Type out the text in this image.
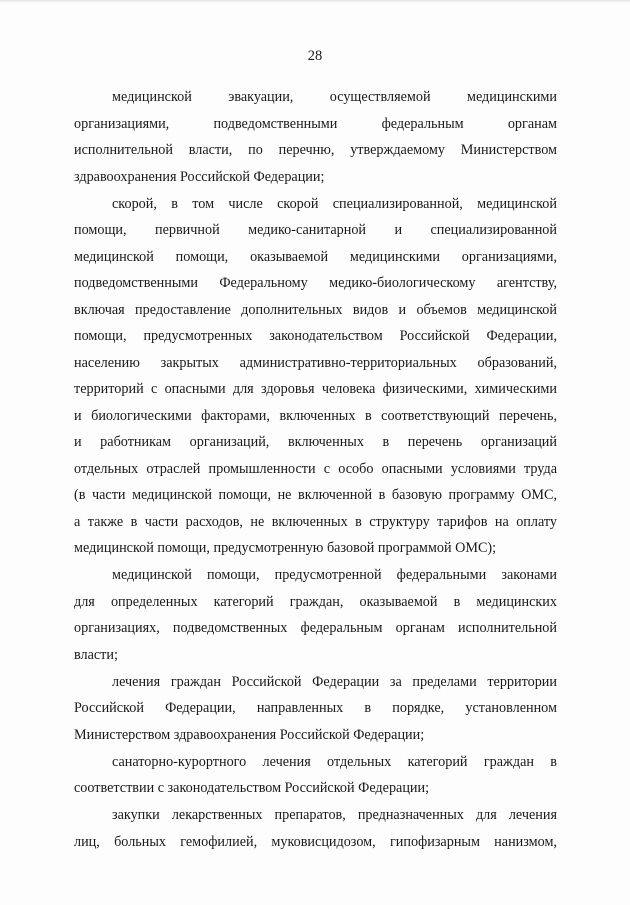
28

медицинской эвакуации, осуществляемой медицинскими

организациями, подведомственными федеральным органам

исполнительной власти, по перечню, утверждаемому Министерством

здравоохранения Российской Федерации;

скорой, в том числе скорой специализированной, медицинской

помощи, первичной медико-санитарной и специализированной

медицинской помощи, оказываемой медицинскими организациями,

подведомственными Федеральному медико-биологическому агентству,

включая предоставление дополнительных видов и объемов медицинской

помощи, предусмотренных законодательством Российской Федерации,

населению закрытых административно-территориальных образований,

территорий с опасными для здоровья человека физическими, химическими

и биологическими факторами, включенных в соответствующий перечень,

и работникам организаций, включенных в перечень организаций

отдельных отраслей промышленности с особо опасными условиями труда

(в части медицинской помощи, не включенной в базовую программу ОМС,

а также в части расходов, не включенных в структуру тарифов на оплату

медицинской помощи, предусмотренную базовой программой ОМС);

медицинской помощи, предусмотренной федеральными законами

для определенных категорий граждан, оказываемой в медицинских

организациях, подведомственных федеральным органам исполнительной

власти;

лечения граждан Российской Федерации за пределами территории

Российской Федерации, направленных в порядке, установленном

Министерством здравоохранения Российской Федерации;

санаторно-курортного лечения отдельных категорий граждан в

соответствии с законодательством Российской Федерации;

закупки лекарственных препаратов, предназначенных для лечения

лиц, больных гемофилией, муковисцидозом, гипофизарным нанизмом,
